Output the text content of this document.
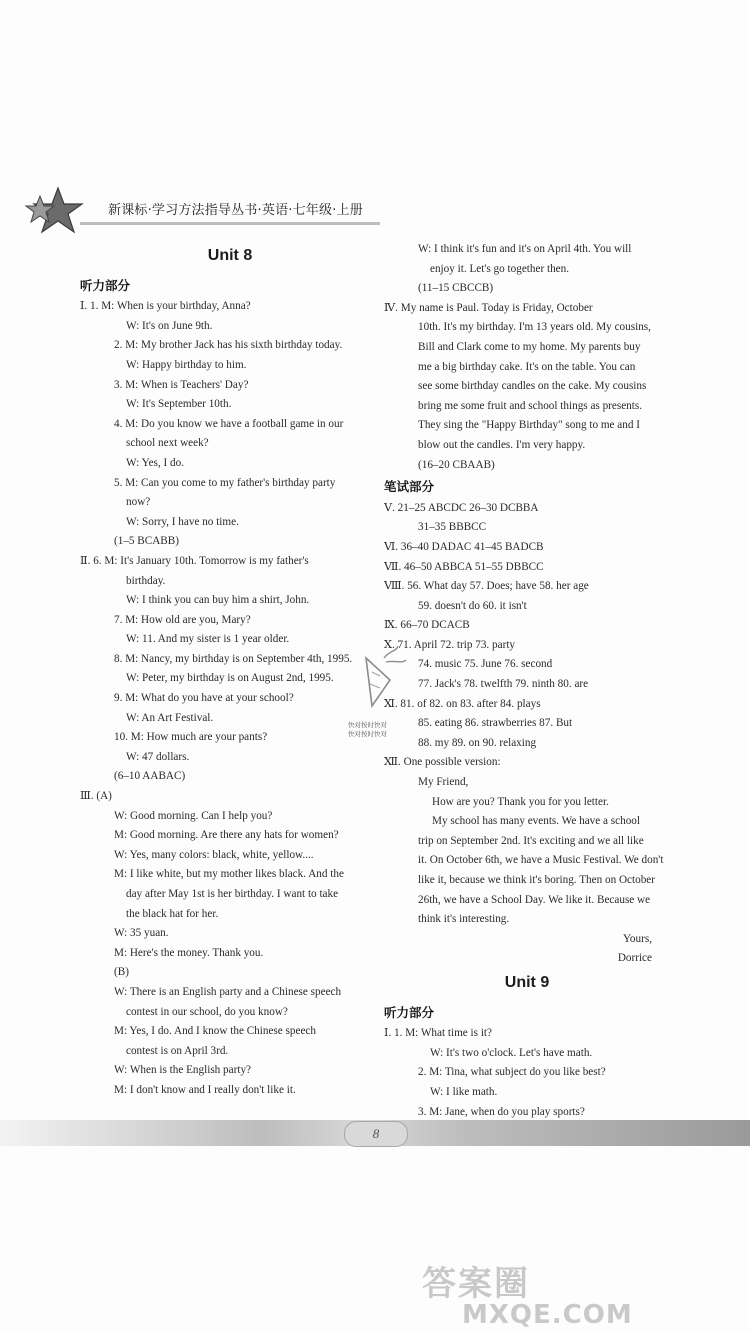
新课标·学习方法指导丛书·英语·七年级·上册
Unit 8
听力部分
Ⅰ. 1. M: When is your birthday, Anna?
W: It's on June 9th.
2. M: My brother Jack has his sixth birthday today.
W: Happy birthday to him.
3. M: When is Teachers' Day?
W: It's September 10th.
4. M: Do you know we have a football game in our
school next week?
W: Yes, I do.
5. M: Can you come to my father's birthday party
now?
W: Sorry, I have no time.
(1–5 BCABB)
Ⅱ. 6. M: It's January 10th. Tomorrow is my father's
birthday.
W: I think you can buy him a shirt, John.
7. M: How old are you, Mary?
W: 11. And my sister is 1 year older.
8. M: Nancy, my birthday is on September 4th, 1995.
W: Peter, my birthday is on August 2nd, 1995.
9. M: What do you have at your school?
W: An Art Festival.
10. M: How much are your pants?
W: 47 dollars.
(6–10 AABAC)
Ⅲ. (A)
W: Good morning. Can I help you?
M: Good morning. Are there any hats for women?
W: Yes, many colors: black, white, yellow....
M: I like white, but my mother likes black. And the
day after May 1st is her birthday. I want to take
the black hat for her.
W: 35 yuan.
M: Here's the money. Thank you.
(B)
W: There is an English party and a Chinese speech
contest in our school, do you know?
M: Yes, I do. And I know the Chinese speech
contest is on April 3rd.
W: When is the English party?
M: I don't know and I really don't like it.
W: I think it's fun and it's on April 4th. You will
enjoy it. Let's go together then.
(11–15 CBCCB)
Ⅳ. My name is Paul. Today is Friday, October
10th. It's my birthday. I'm 13 years old. My cousins,
Bill and Clark come to my home. My parents buy
me a big birthday cake. It's on the table. You can
see some birthday candles on the cake. My cousins
bring me some fruit and school things as presents.
They sing the "Happy Birthday" song to me and I
blow out the candles. I'm very happy.
(16–20 CBAAB)
笔试部分
Ⅴ. 21–25 ABCDC 26–30 DCBBA
31–35 BBBCC
Ⅵ. 36–40 DADAC 41–45 BADCB
Ⅶ. 46–50 ABBCA 51–55 DBBCC
Ⅷ. 56. What day 57. Does; have 58. her age
59. doesn't do 60. it isn't
Ⅸ. 66–70 DCACB
Ⅹ. 71. April 72. trip 73. party
74. music 75. June 76. second
77. Jack's 78. twelfth 79. ninth 80. are
Ⅺ. 81. of 82. on 83. after 84. plays
85. eating 86. strawberries 87. But
88. my 89. on 90. relaxing
Ⅻ. One possible version:
My Friend,
How are you? Thank you for you letter.
My school has many events. We have a school
trip on September 2nd. It's exciting and we all like
it. On October 6th, we have a Music Festival. We don't
like it, because we think it's boring. Then on October
26th, we have a School Day. We like it. Because we
think it's interesting.
Yours,
Dorrice
Unit 9
听力部分
Ⅰ. 1. M: What time is it?
W: It's two o'clock. Let's have math.
2. M: Tina, what subject do you like best?
W: I like math.
3. M: Jane, when do you play sports?
快对按时快对
快对按时快对
8
答案圈
MXQE.COM
